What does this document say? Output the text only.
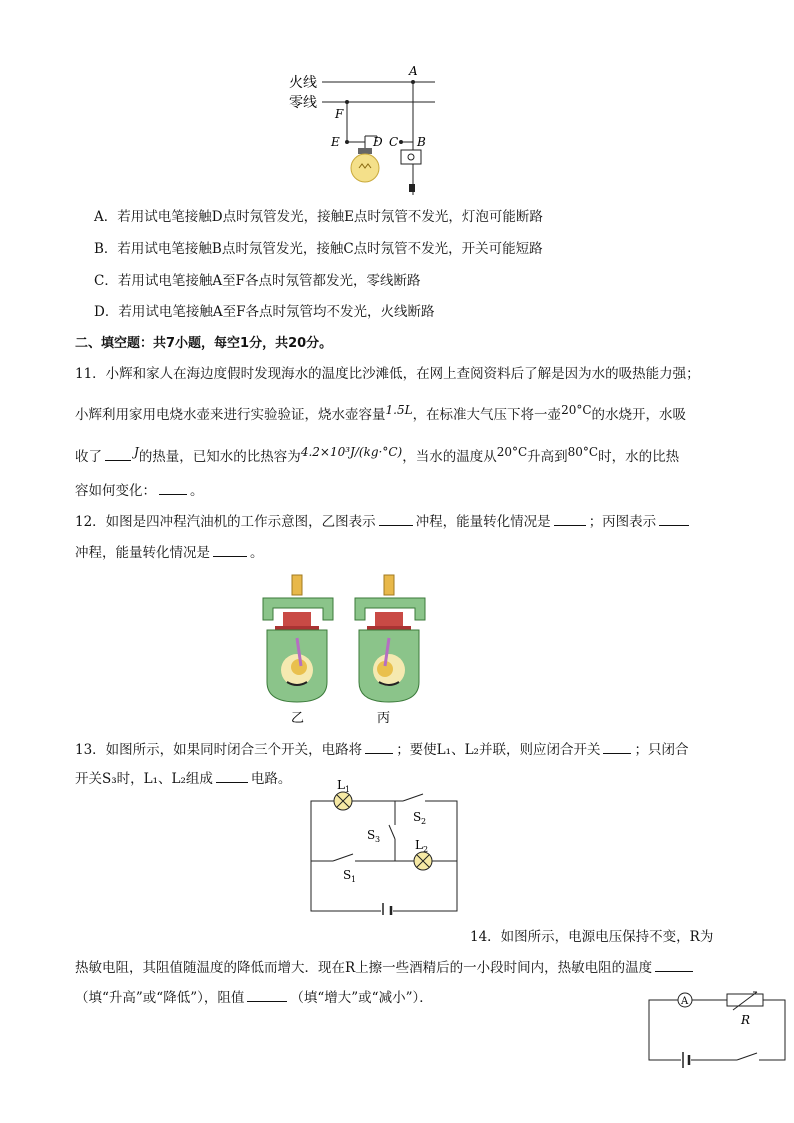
火线
零线
A
F
E	D C B
A．若用试电笔接触D点时氖管发光，接触E点时氖管不发光，灯泡可能断路
B．若用试电笔接触B点时氖管发光，接触C点时氖管不发光，开关可能短路
C．若用试电笔接触A至F各点时氖管都发光，零线断路
D．若用试电笔接触A至F各点时氖管均不发光，火线断路
二、填空题：共7小题，每空1分，共20分。
11．小辉和家人在海边度假时发现海水的温度比沙滩低，在网上查阅资料后了解是因为水的吸热能力强；
小辉利用家用电烧水壶来进行实验验证，烧水壶容量1.5L，在标准大气压下将一壶20°C的水烧开，水吸
收了	J的热量，已知水的比热容为4.2×10³J/(kg·°C)，当水的温度从20°C升高到80°C时，水的比热
容如何变化：	。
12．如图是四冲程汽油机的工作示意图，乙图表示	冲程，能量转化情况是	；丙图表示
冲程，能量转化情况是	。
乙	丙
13．如图所示，如果同时闭合三个开关，电路将	；要使L₁、L₂并联，则应闭合开关	；只闭合
开关S₃时，L₁、L₂组成	电路。	L 1
S 2
S 3
S 1
L 2
14．如图所示，电源电压保持不变，R为
热敏电阻，其阻值随温度的降低而增大．现在R上擦一些酒精后的一小段时间内，热敏电阻的温度
（填“升高”或“降低”），阻值	（填“增大”或“减小”）．	A
R
